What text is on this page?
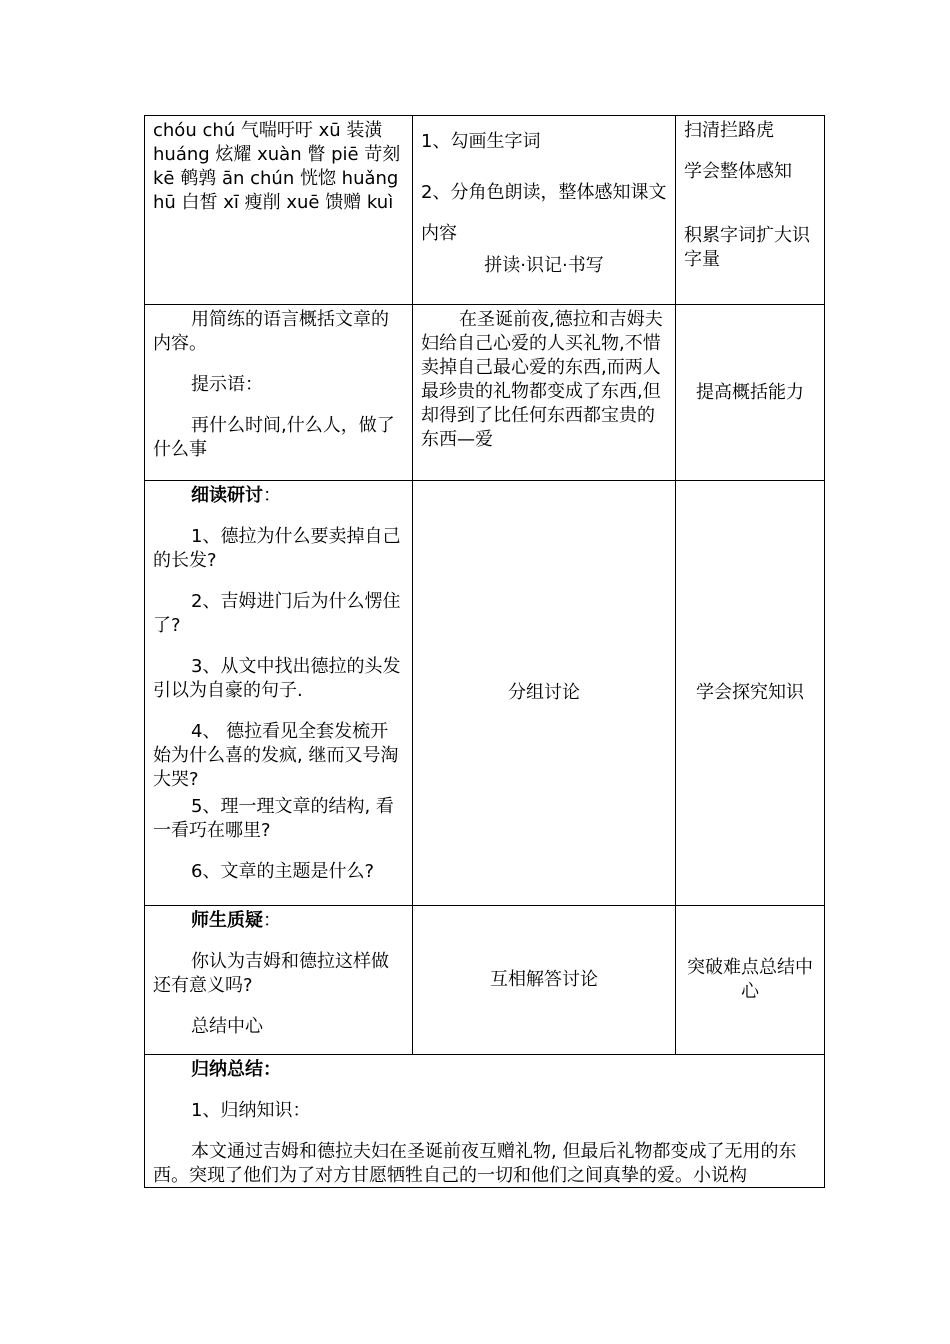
chóu chú 气喘吁吁 xū 装潢 huáng 炫耀 xuàn 瞥 piē 苛刻 kē 鹌鹑 ān chún 恍惚 huǎng hū 白皙 xī 瘦削 xuē 馈赠 kuì

1、勾画生字词

2、分角色朗读，整体感知课文内容

拼读·识记·书写

扫清拦路虎

学会整体感知

积累字词扩大识字量

用简练的语言概括文章的内容。

提示语：

再什么时间,什么人，做了什么事

在圣诞前夜,德拉和吉姆夫妇给自己心爱的人买礼物,不惜卖掉自己最心爱的东西,而两人最珍贵的礼物都变成了东西,但却得到了比任何东西都宝贵的东西—爱

提高概括能力

细读研讨：

1、德拉为什么要卖掉自己的长发?

2、吉姆进门后为什么愣住了?

3、从文中找出德拉的头发引以为自豪的句子.

4、 德拉看见全套发梳开始为什么喜的发疯, 继而又号淘大哭?

5、理一理文章的结构, 看一看巧在哪里?

6、文章的主题是什么?

分组讨论	学会探究知识

师生质疑：

你认为吉姆和德拉这样做还有意义吗?

总结中心

互相解答讨论

突破难点总结中心

归纳总结：

1、归纳知识：

本文通过吉姆和德拉夫妇在圣诞前夜互赠礼物, 但最后礼物都变成了无用的东西。突现了他们为了对方甘愿牺牲自己的一切和他们之间真挚的爱。小说构
